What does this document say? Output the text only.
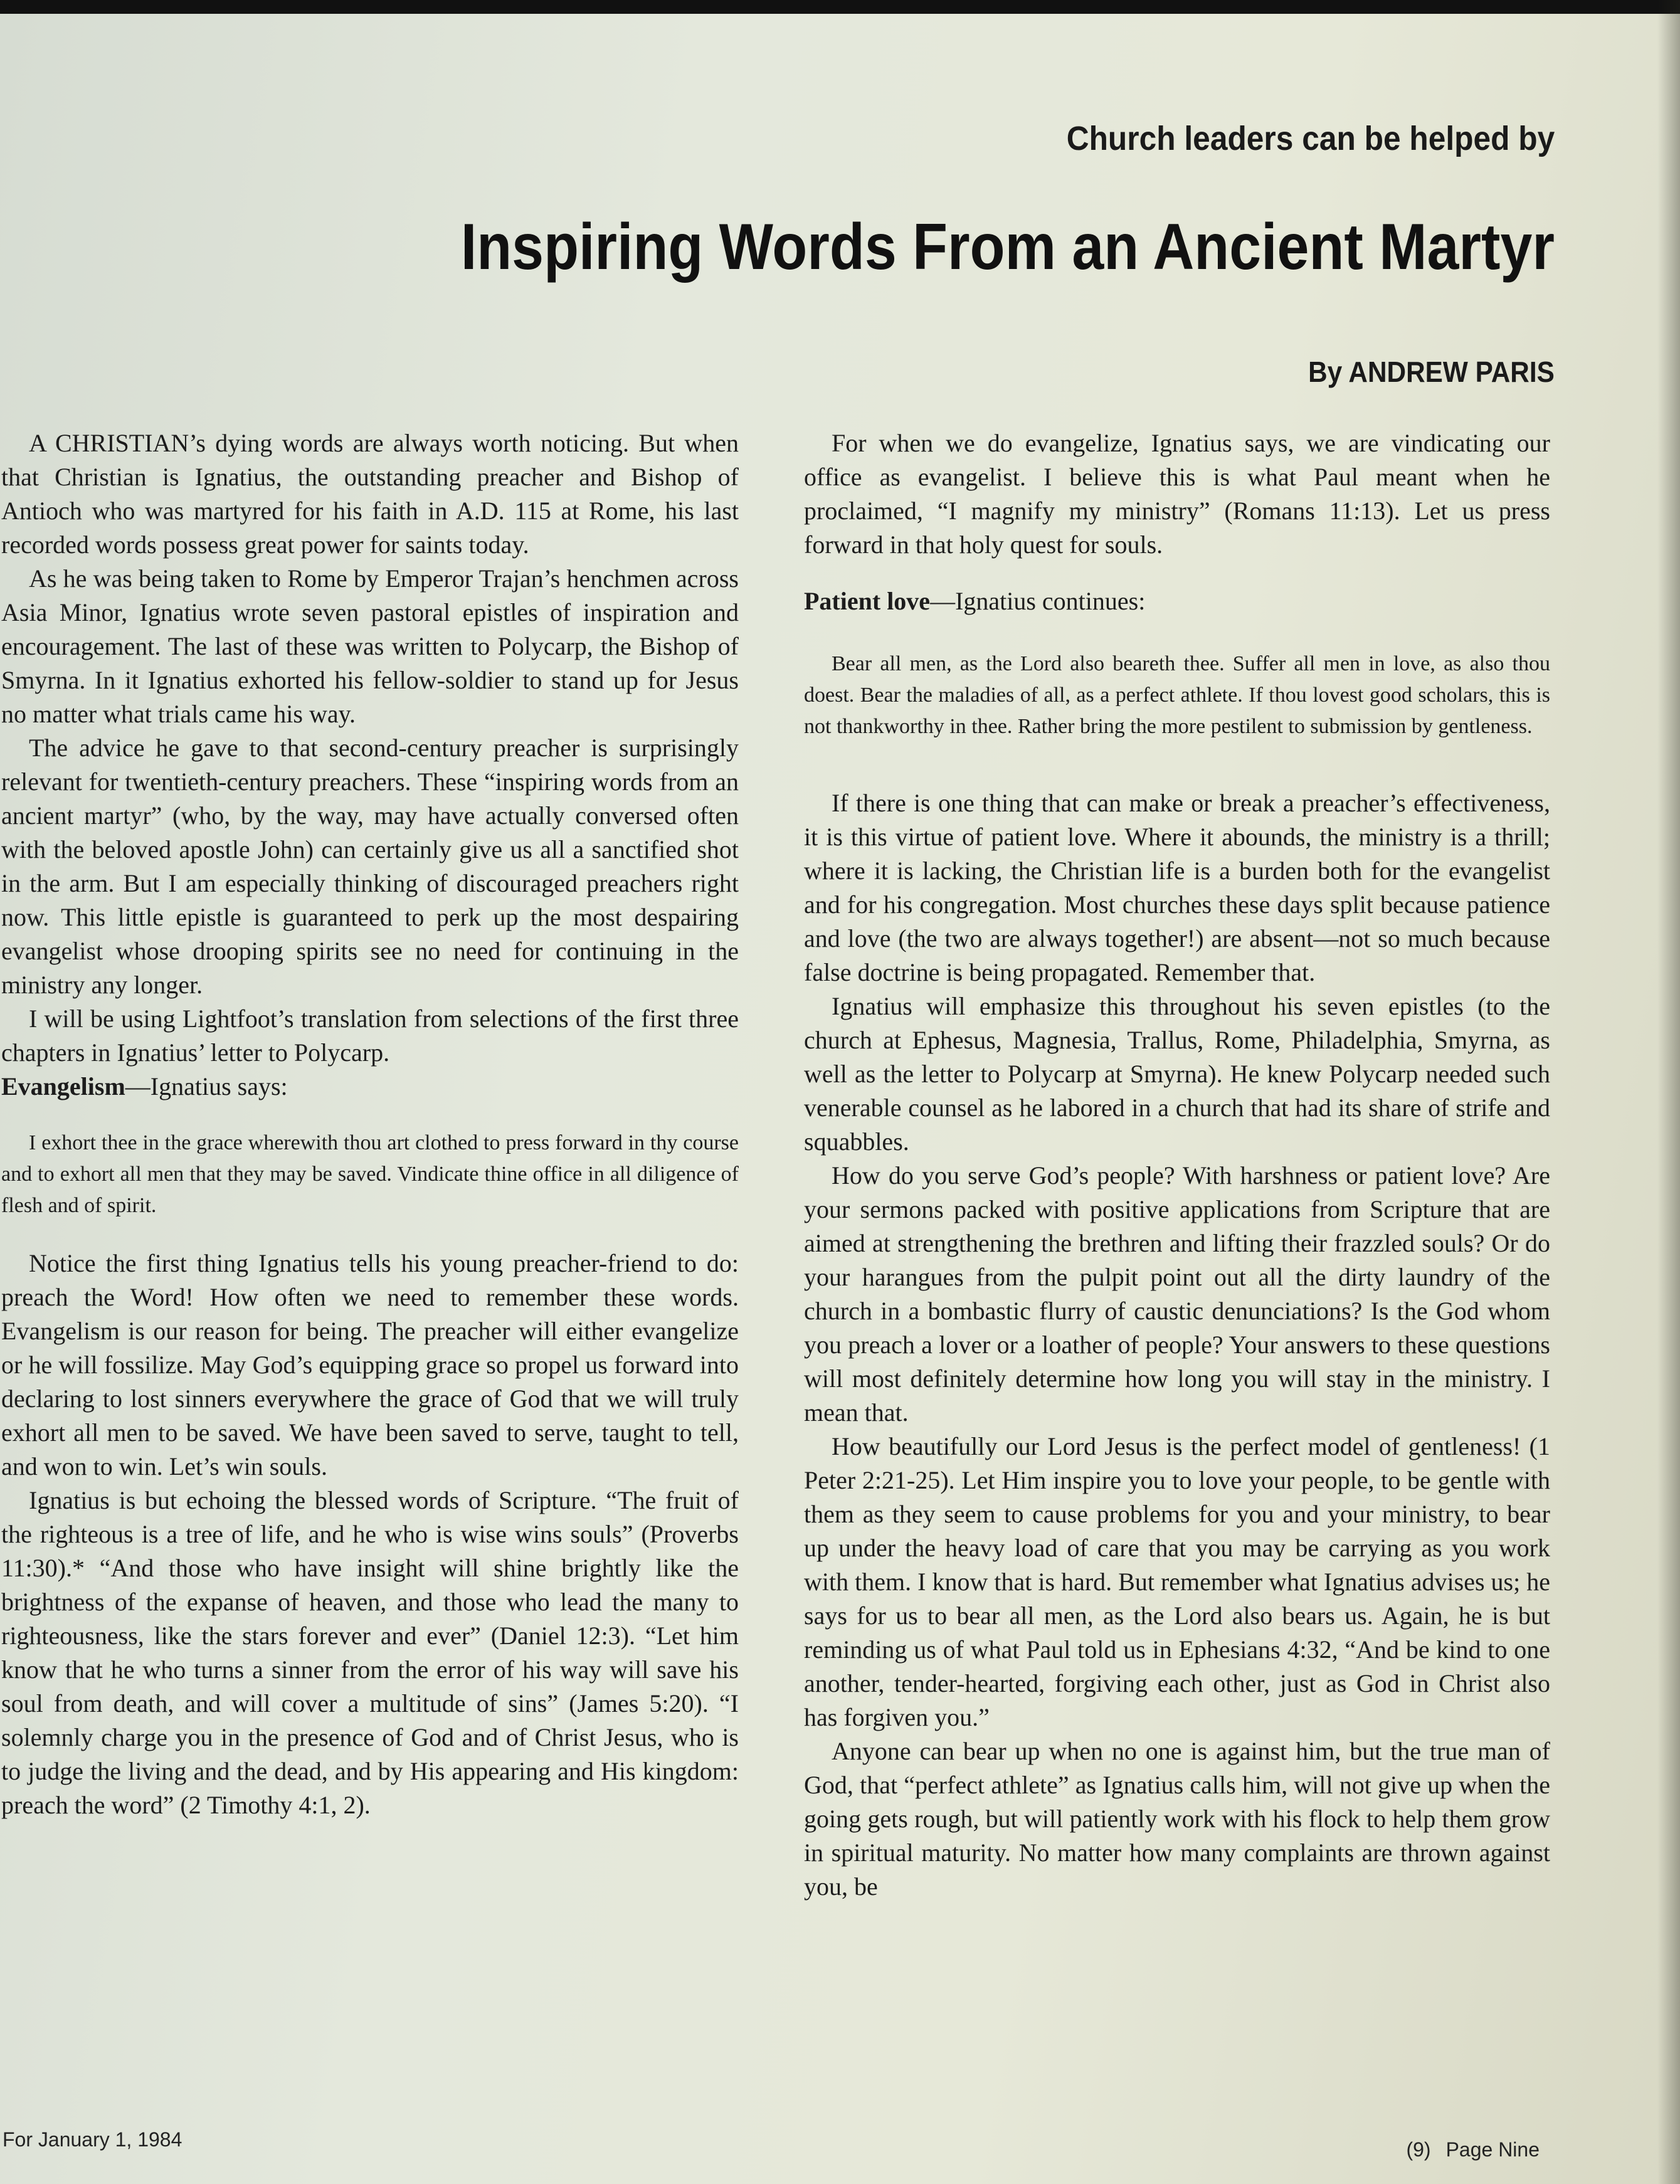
Church leaders can be helped by
Inspiring Words From an Ancient Martyr
By ANDREW PARIS

A CHRISTIAN’s dying words are always worth noticing. But when that Christian is Ignatius, the outstanding preacher and Bishop of Antioch who was martyred for his faith in A.D. 115 at Rome, his last recorded words possess great power for saints today.

As he was being taken to Rome by Emperor Trajan’s henchmen across Asia Minor, Ignatius wrote seven pastoral epistles of inspiration and encouragement. The last of these was written to Polycarp, the Bishop of Smyrna. In it Ignatius exhorted his fellow-soldier to stand up for Jesus no matter what trials came his way.

The advice he gave to that second-century preacher is surprisingly relevant for twentieth-century preachers. These “inspiring words from an ancient martyr” (who, by the way, may have actually conversed often with the beloved apostle John) can certainly give us all a sanctified shot in the arm. But I am especially thinking of discouraged preachers right now. This little epistle is guaranteed to perk up the most despairing evangelist whose drooping spirits see no need for continuing in the ministry any longer.

I will be using Lightfoot’s translation from selections of the first three chapters in Ignatius’ letter to Polycarp.

Evangelism—Ignatius says:

I exhort thee in the grace wherewith thou art clothed to press forward in thy course and to exhort all men that they may be saved. Vindicate thine office in all diligence of flesh and of spirit.

Notice the first thing Ignatius tells his young preacher-friend to do: preach the Word! How often we need to remember these words. Evangelism is our reason for being. The preacher will either evangelize or he will fossilize. May God’s equipping grace so propel us forward into declaring to lost sinners everywhere the grace of God that we will truly exhort all men to be saved. We have been saved to serve, taught to tell, and won to win. Let’s win souls.

Ignatius is but echoing the blessed words of Scripture. “The fruit of the righteous is a tree of life, and he who is wise wins souls” (Proverbs 11:30).* “And those who have insight will shine brightly like the brightness of the expanse of heaven, and those who lead the many to righteousness, like the stars forever and ever” (Daniel 12:3). “Let him know that he who turns a sinner from the error of his way will save his soul from death, and will cover a multitude of sins” (James 5:20). “I solemnly charge you in the presence of God and of Christ Jesus, who is to judge the living and the dead, and by His appearing and His kingdom: preach the word” (2 Timothy 4:1, 2).

For when we do evangelize, Ignatius says, we are vindicating our office as evangelist. I believe this is what Paul meant when he proclaimed, “I magnify my ministry” (Romans 11:13). Let us press forward in that holy quest for souls.

Patient love—Ignatius continues:

Bear all men, as the Lord also beareth thee. Suffer all men in love, as also thou doest. Bear the maladies of all, as a perfect athlete. If thou lovest good scholars, this is not thankworthy in thee. Rather bring the more pestilent to submission by gentleness.

If there is one thing that can make or break a preacher’s effectiveness, it is this virtue of patient love. Where it abounds, the ministry is a thrill; where it is lacking, the Christian life is a burden both for the evangelist and for his congregation. Most churches these days split because patience and love (the two are always together!) are absent—not so much because false doctrine is being propagated. Remember that.

Ignatius will emphasize this throughout his seven epistles (to the church at Ephesus, Magnesia, Trallus, Rome, Philadelphia, Smyrna, as well as the letter to Polycarp at Smyrna). He knew Polycarp needed such venerable counsel as he labored in a church that had its share of strife and squabbles.

How do you serve God’s people? With harshness or patient love? Are your sermons packed with positive applications from Scripture that are aimed at strengthening the brethren and lifting their frazzled souls? Or do your harangues from the pulpit point out all the dirty laundry of the church in a bombastic flurry of caustic denunciations? Is the God whom you preach a lover or a loather of people? Your answers to these questions will most definitely determine how long you will stay in the ministry. I mean that.

How beautifully our Lord Jesus is the perfect model of gentleness! (1 Peter 2:21-25). Let Him inspire you to love your people, to be gentle with them as they seem to cause problems for you and your ministry, to bear up under the heavy load of care that you may be carrying as you work with them. I know that is hard. But remember what Ignatius advises us; he says for us to bear all men, as the Lord also bears us. Again, he is but reminding us of what Paul told us in Ephesians 4:32, “And be kind to one another, tender-hearted, forgiving each other, just as God in Christ also has forgiven you.”

Anyone can bear up when no one is against him, but the true man of God, that “perfect athlete” as Ignatius calls him, will not give up when the going gets rough, but will patiently work with his flock to help them grow in spiritual maturity. No matter how many complaints are thrown against you, be

For January 1, 1984	(9) Page Nine
